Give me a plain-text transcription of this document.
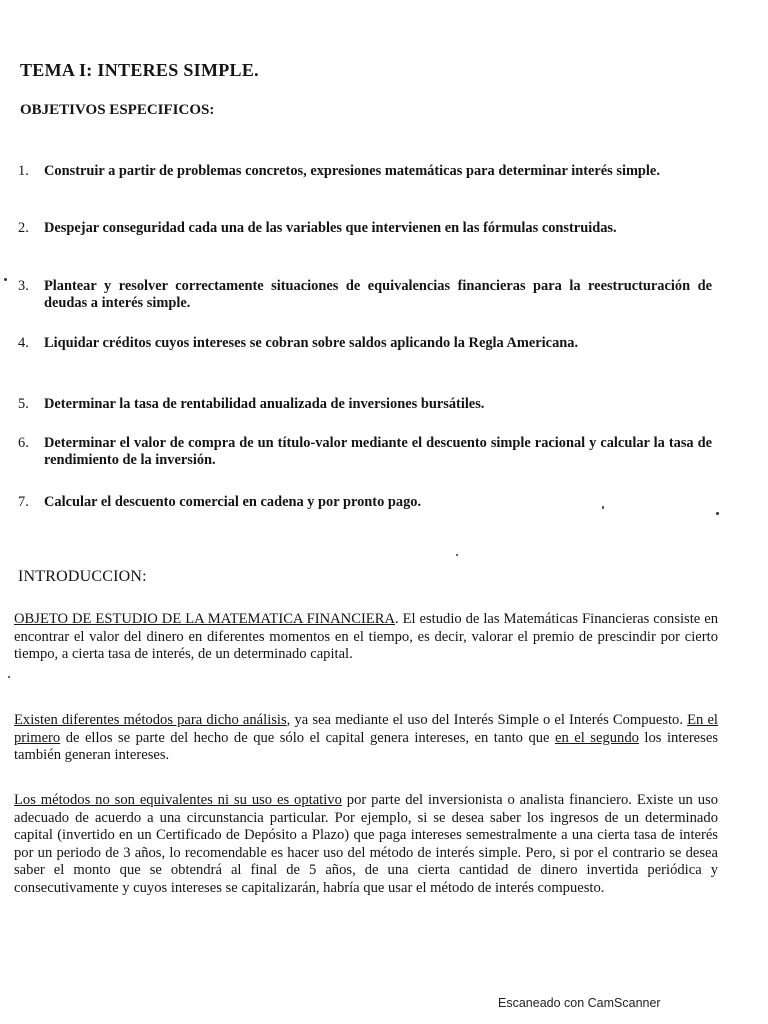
TEMA I: INTERES SIMPLE.
OBJETIVOS ESPECIFICOS:
1.	Construir a partir de problemas concretos, expresiones matemáticas para determinar interés simple.
2.	Despejar conseguridad cada una de las variables que intervienen en las fórmulas construidas.
3.	Plantear y resolver correctamente situaciones de equivalencias financieras para la reestructuración de deudas a interés simple.
4.	Liquidar créditos cuyos intereses se cobran sobre saldos aplicando la Regla Americana.
5.	Determinar la tasa de rentabilidad anualizada de inversiones bursátiles.
6.	Determinar el valor de compra de un título-valor mediante el descuento simple racional y calcular la tasa de rendimiento de la inversión.
7.	Calcular el descuento comercial en cadena y por pronto pago.
INTRODUCCION:
OBJETO DE ESTUDIO DE LA MATEMATICA FINANCIERA. El estudio de las Matemáticas Financieras consiste en encontrar el valor del dinero en diferentes momentos en el tiempo, es decir, valorar el premio de prescindir por cierto tiempo, a cierta tasa de interés, de un determinado capital.
Existen diferentes métodos para dicho análisis, ya sea mediante el uso del Interés Simple o el Interés Compuesto. En el primero de ellos se parte del hecho de que sólo el capital genera intereses, en tanto que en el segundo los intereses también generan intereses.
Los métodos no son equivalentes ni su uso es optativo por parte del inversionista o analista financiero. Existe un uso adecuado de acuerdo a una circunstancia particular. Por ejemplo, si se desea saber los ingresos de un determinado capital (invertido en un Certificado de Depósito a Plazo) que paga intereses semestralmente a una cierta tasa de interés por un periodo de 3 años, lo recomendable es hacer uso del método de interés simple. Pero, si por el contrario se desea saber el monto que se obtendrá al final de 5 años, de una cierta cantidad de dinero invertida periódica y consecutivamente y cuyos intereses se capitalizarán, habría que usar el método de interés compuesto.
Escaneado con CamScanner
